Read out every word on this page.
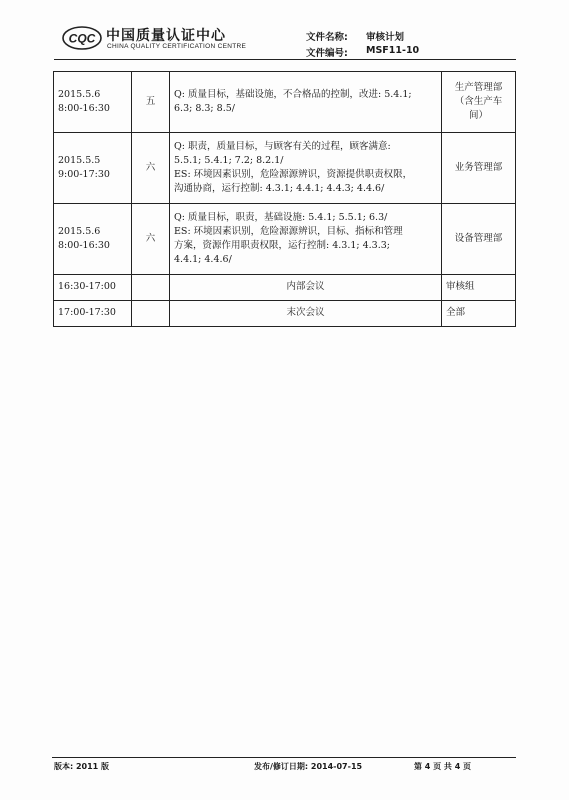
CQC 中国质量认证中心
CHINA QUALITY CERTIFICATION CENTRE
文件名称: 审核计划
文件编号: MSF11-10
2015.5.6
8:00-16:30	五	Q: 质量目标，基础设施，不合格品的控制，改进: 5.4.1;
6.3; 8.3; 8.5/	生产管理部
（含生产车
间）
2015.5.5
9:00-17:30	六	Q: 职责，质量目标，与顾客有关的过程，顾客满意:
5.5.1; 5.4.1; 7.2; 8.2.1/
ES: 环境因素识别，危险源源辨识，资源提供职责权限，
沟通协商，运行控制: 4.3.1; 4.4.1; 4.4.3; 4.4.6/	业务管理部
2015.5.6
8:00-16:30	六	Q: 质量目标，职责，基础设施: 5.4.1; 5.5.1; 6.3/
ES: 环境因素识别，危险源源辨识，目标、指标和管理
方案，资源作用职责权限，运行控制: 4.3.1; 4.3.3;
4.4.1; 4.4.6/	设备管理部
16:30-17:00		内部会议	审核组
17:00-17:30		末次会议	全部
版本: 2011 版	发布/修订日期: 2014-07-15	第 4 页 共 4 页
